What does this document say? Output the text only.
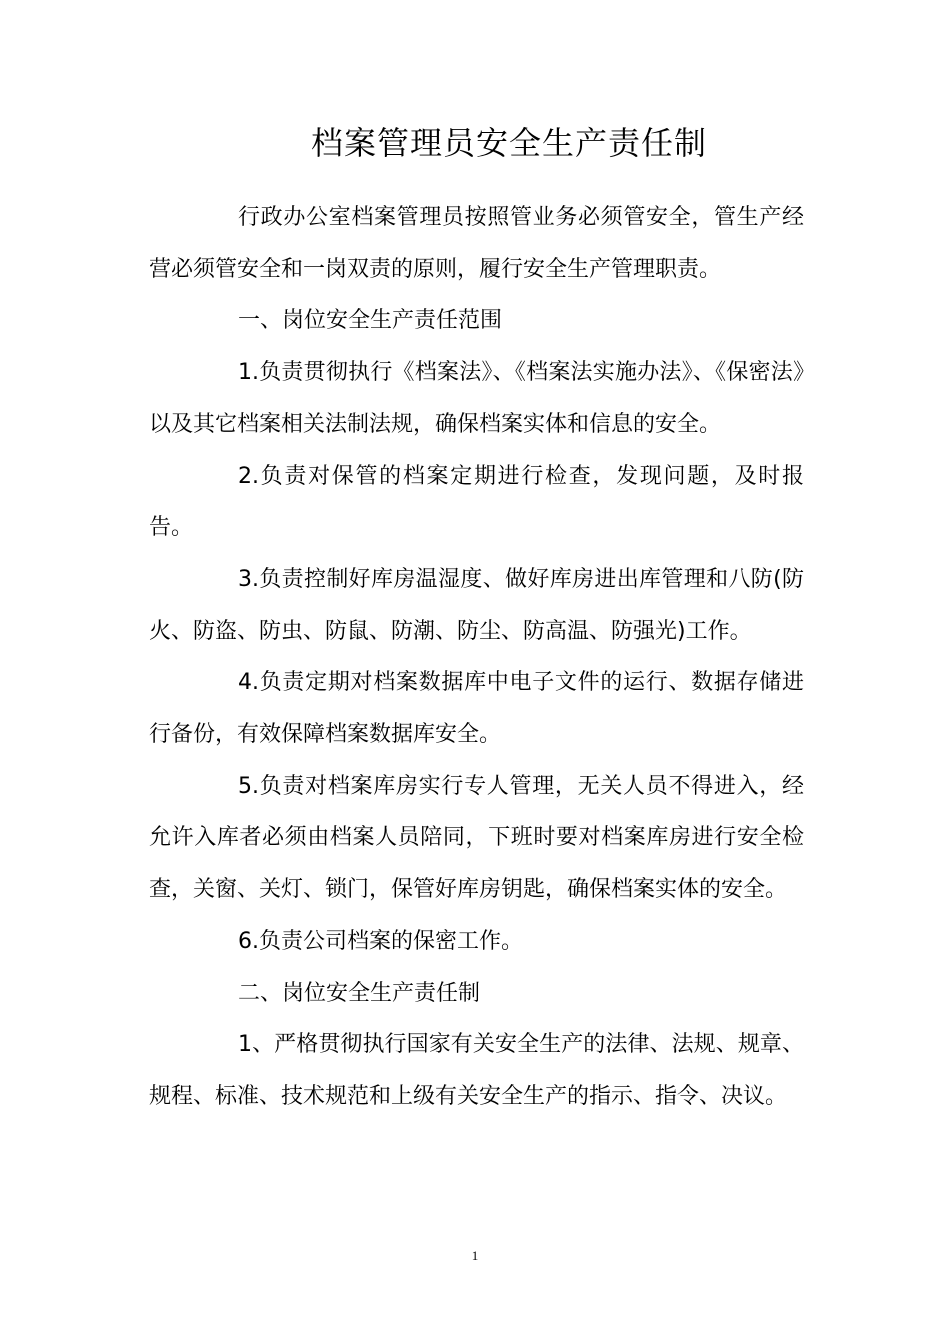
档案管理员安全生产责任制

行政办公室档案管理员按照管业务必须管安全，管生产经营必须管安全和一岗双责的原则，履行安全生产管理职责。

一、岗位安全生产责任范围

1.负责贯彻执行《档案法》、《档案法实施办法》、《保密法》以及其它档案相关法制法规，确保档案实体和信息的安全。

2.负责对保管的档案定期进行检查，发现问题，及时报告。

3.负责控制好库房温湿度、做好库房进出库管理和八防(防火、防盗、防虫、防鼠、防潮、防尘、防高温、防强光)工作。

4.负责定期对档案数据库中电子文件的运行、数据存储进行备份，有效保障档案数据库安全。

5.负责对档案库房实行专人管理，无关人员不得进入，经允许入库者必须由档案人员陪同，下班时要对档案库房进行安全检查，关窗、关灯、锁门，保管好库房钥匙，确保档案实体的安全。

6.负责公司档案的保密工作。

二、岗位安全生产责任制

1、严格贯彻执行国家有关安全生产的法律、法规、规章、规程、标准、技术规范和上级有关安全生产的指示、指令、决议。

1
